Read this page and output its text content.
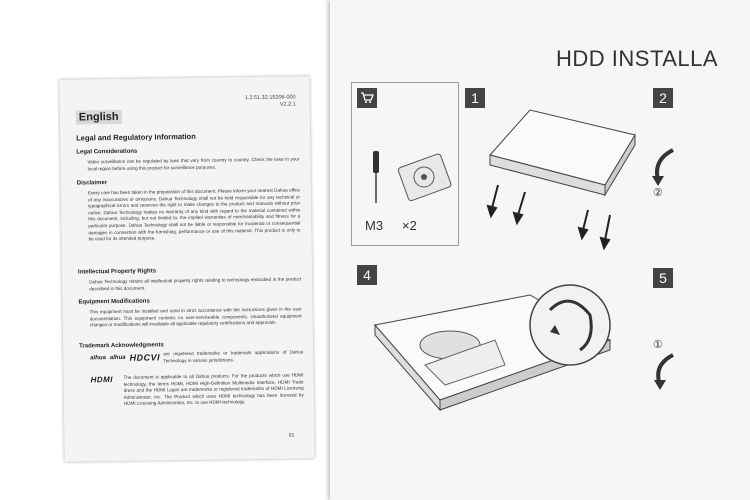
1.2.51.32.15206-000
V2.2.1
English
Legal and Regulatory Information
Legal Considerations
Video surveillance can be regulated by laws that vary from country to country. Check the laws in your local region before using this product for surveillance purposes.
Disclaimer
Every care has been taken in the preparation of this document. Please inform your nearest Dahua office of any inaccuracies or omissions. Dahua Technology shall not be held responsible for any technical or typographical errors and reserves the right to make changes to the product and manuals without prior notice. Dahua Technology makes no warranty of any kind with regard to the material contained within this document, including, but not limited to, the implied warranties of merchantability and fitness for a particular purpose. Dahua Technology shall not be liable or responsible for incidental or consequential damages in connection with the furnishing, performance or use of this material. This product is only to be used for its intended purpose.
Intellectual Property Rights
Dahua Technology retains all intellectual property rights relating to technology embodied in the product described in this document.
Equipment Modifications
This equipment must be installed and used in strict accordance with the instructions given in the user documentation. This equipment contains no user-serviceable components. Unauthorized equipment changes or modifications will invalidate all applicable regulatory certifications and approvals.
Trademark Acknowledgments
alhua alhua HDCVI are registered trademarks or trademark applications of Dahua Technology in various jurisdictions.
HDMI The document is applicable to all Dahua products. For the products which use HDMI technology, the terms HDMI, HDMI High-Definition Multimedia Interface, HDMI Trade dress and the HDMI Logos are trademarks or registered trademarks of HDMI Licensing Administrator, Inc. The Product which uses HDMI technology has been licensed by HDMI Licensing Administrator, Inc. to use HDMI technology.
01
HDD INSTALLA
M3 ×2
1	2
②
4	5
①
